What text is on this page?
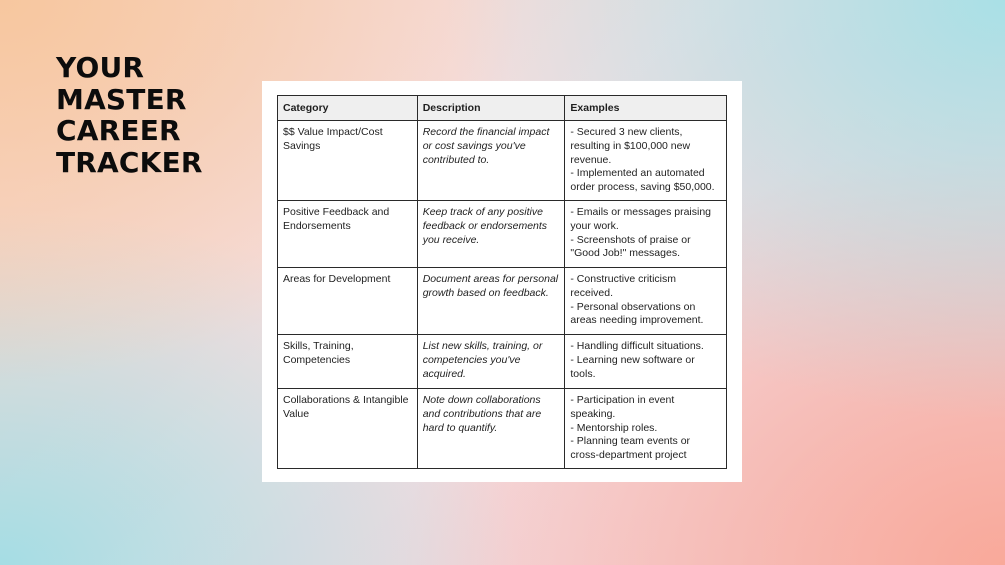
YOUR
MASTER
CAREER
TRACKER
Category	Description	Examples
$$ Value Impact/Cost Savings	Record the financial impact or cost savings you've contributed to.	- Secured 3 new clients, resulting in $100,000 new revenue.
- Implemented an automated order process, saving $50,000.
Positive Feedback and Endorsements	Keep track of any positive feedback or endorsements you receive.	- Emails or messages praising your work.
- Screenshots of praise or "Good Job!" messages.
Areas for Development	Document areas for personal growth based on feedback.	- Constructive criticism received.
- Personal observations on areas needing improvement.
Skills, Training, Competencies	List new skills, training, or competencies you've acquired.	- Handling difficult situations.
- Learning new software or tools.
Collaborations & Intangible Value	Note down collaborations and contributions that are hard to quantify.	- Participation in event speaking.
- Mentorship roles.
- Planning team events or cross-department project
